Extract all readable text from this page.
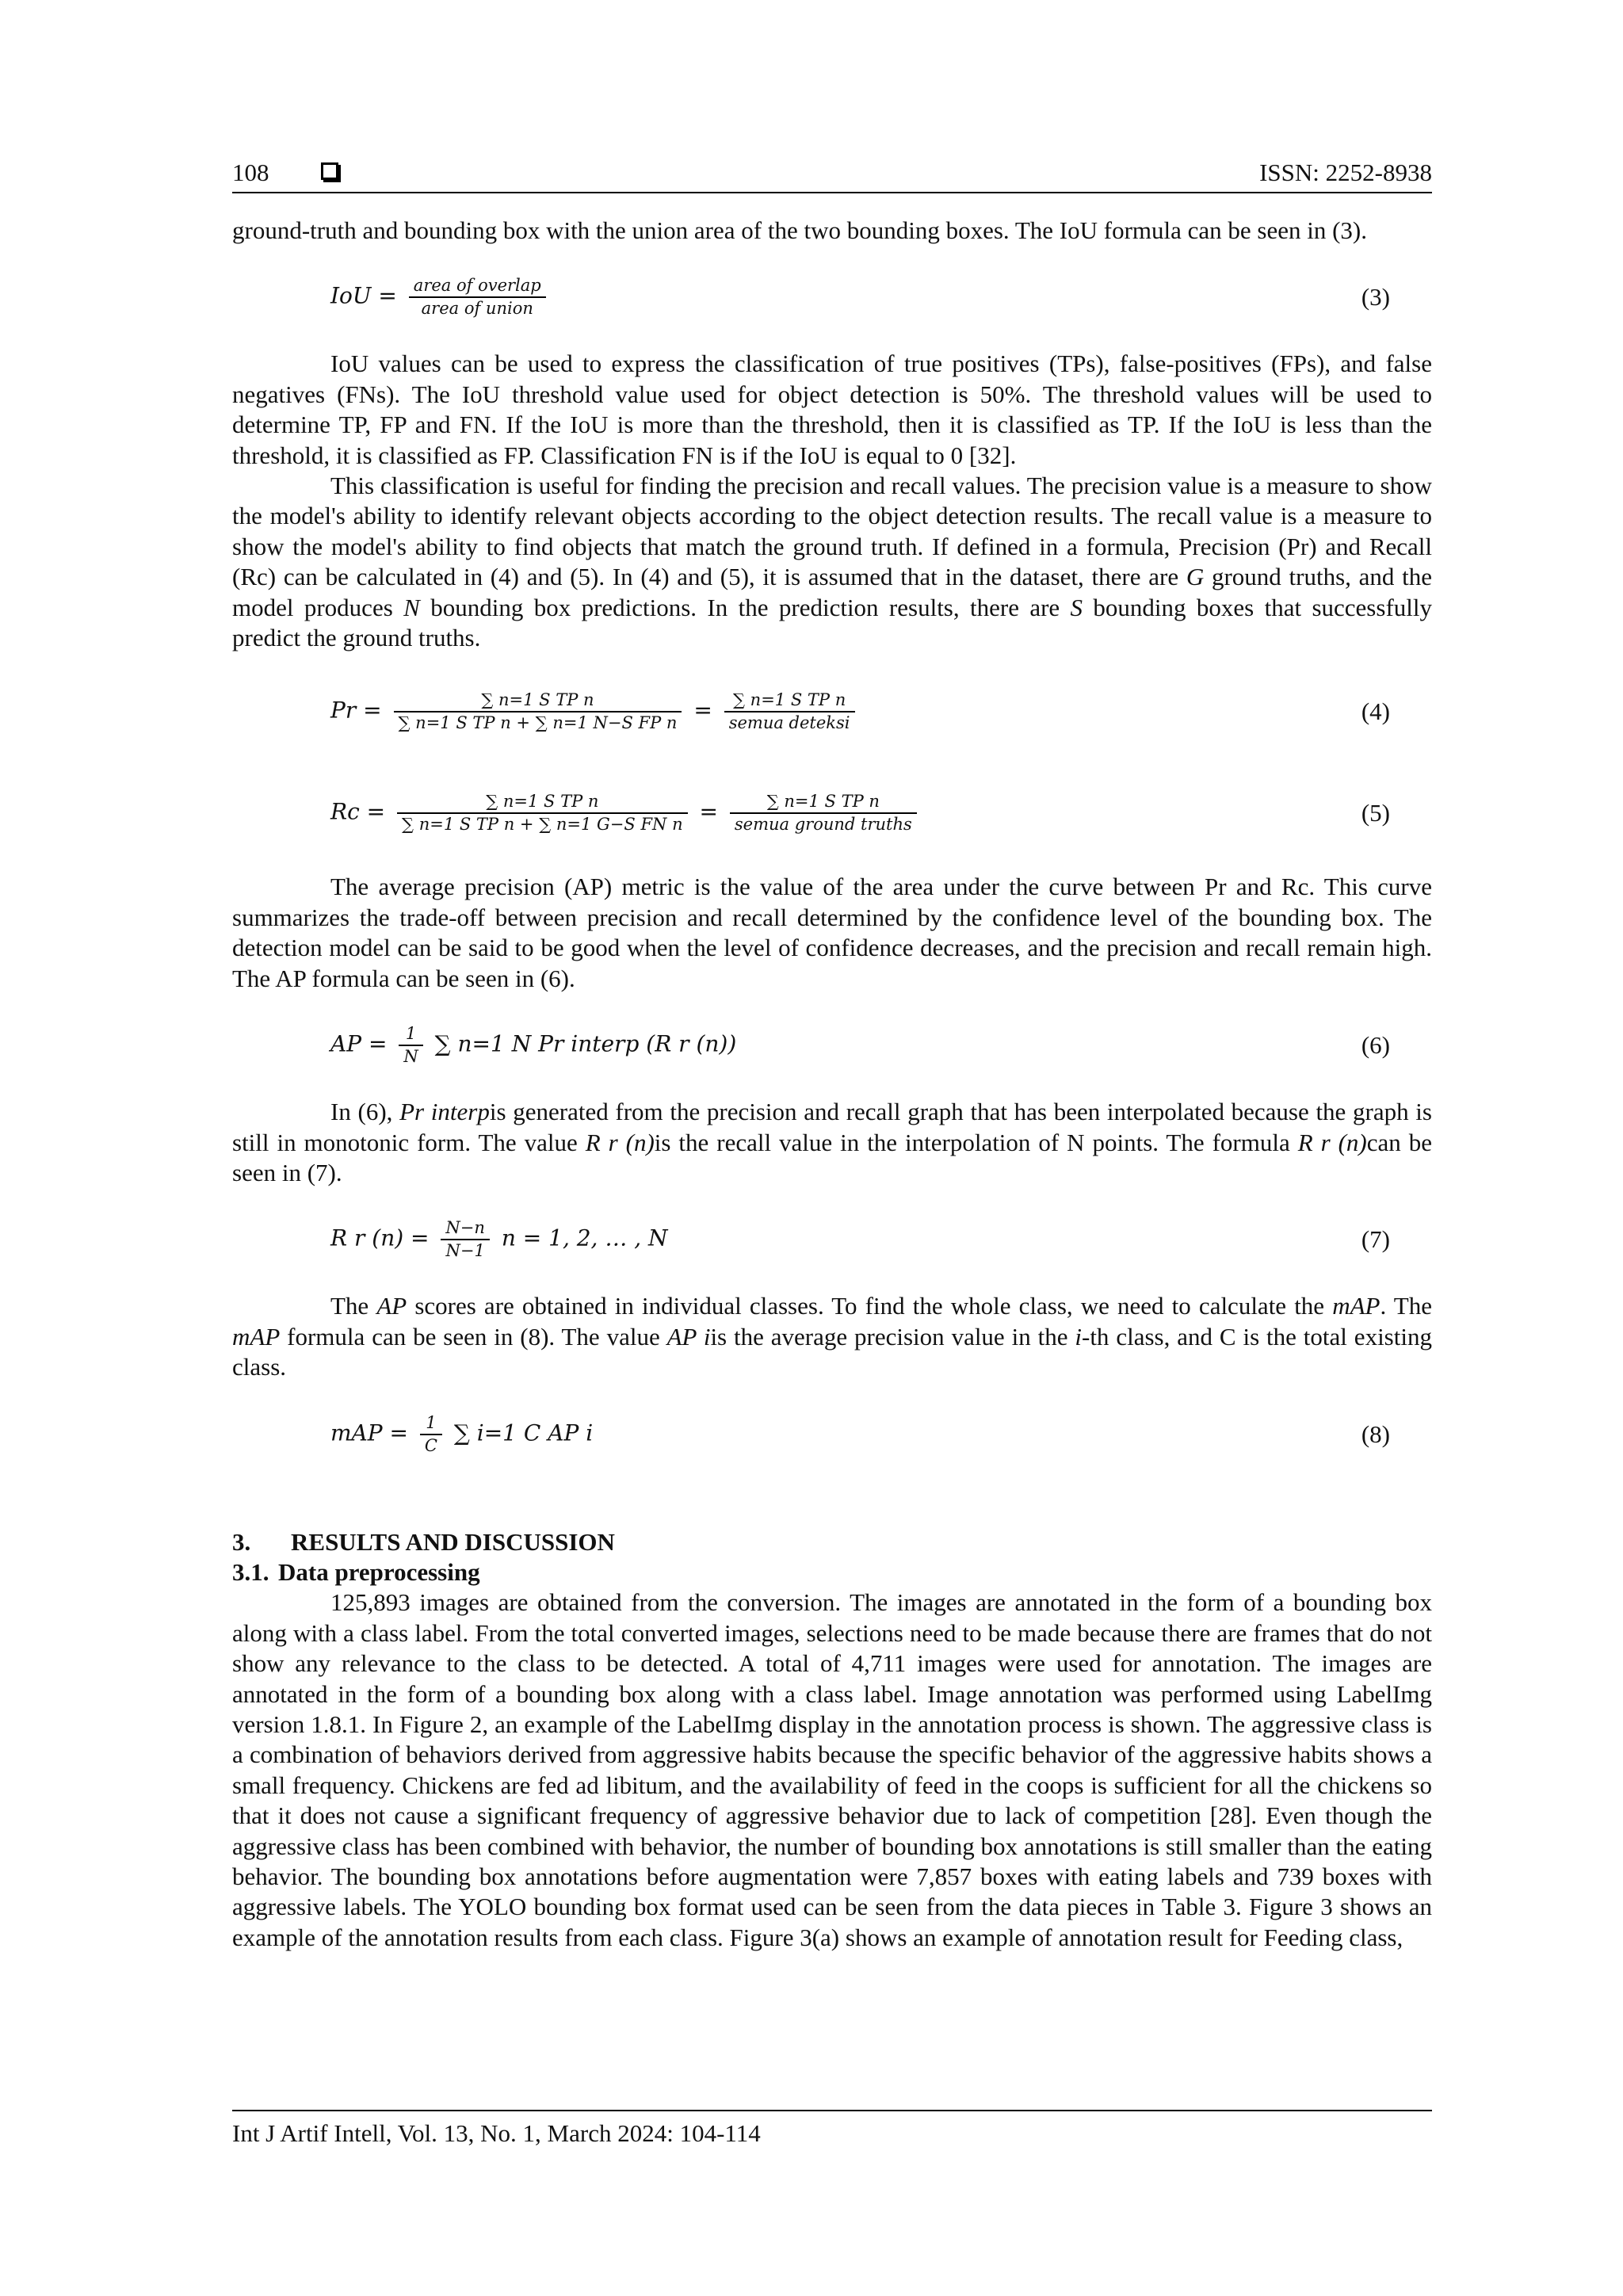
108	ISSN: 2252-8938

ground-truth and bounding box with the union area of the two bounding boxes. The IoU formula can be seen in (3).

IoU = $\frac{\text{area of overlap}}{\text{area of union}}$	(3)

IoU values can be used to express the classification of true positives (TPs), false-positives (FPs), and false negatives (FNs). The IoU threshold value used for object detection is 50%. The threshold values will be used to determine TP, FP and FN. If the IoU is more than the threshold, then it is classified as TP. If the IoU is less than the threshold, it is classified as FP. Classification FN is if the IoU is equal to 0 [32].

This classification is useful for finding the precision and recall values. The precision value is a measure to show the model's ability to identify relevant objects according to the object detection results. The recall value is a measure to show the model's ability to find objects that match the ground truth. If defined in a formula, Precision (Pr) and Recall (Rc) can be calculated in (4) and (5). In (4) and (5), it is assumed that in the dataset, there are G ground truths, and the model produces N bounding box predictions. In the prediction results, there are S bounding boxes that successfully predict the ground truths.

$Pr = \frac{\text{∑ n=1 S TP n}}{\text{∑ n=1 S TP n + ∑ n=1 N−S FP n}} = \frac{\text{∑ n=1 S TP n}}{\text{semua deteksi}}$	(4)
$Rc = \frac{\text{∑ n=1 S TP n}}{\text{∑ n=1 S TP n + ∑ n=1 G−S FN n}} = \frac{\text{∑ n=1 S TP n}}{\text{semua ground truths}}$	(5)

The average precision (AP) metric is the value of the area under the curve between Pr and Rc. This curve summarizes the trade-off between precision and recall determined by the confidence level of the bounding box. The detection model can be said to be good when the level of confidence decreases, and the precision and recall remain high. The AP formula can be seen in (6).

AP = $\frac{1}{N}$ ∑ n=1 N Pr interp (R r (n))	(6)

In (6), Pr interpis generated from the precision and recall graph that has been interpolated because the graph is still in monotonic form. The value R r (n)is the recall value in the interpolation of N points. The formula R r (n)can be seen in (7).

R r $(n) = \frac{N-n}{N-1}$ n = 1, 2, … , N	(7)

The AP scores are obtained in individual classes. To find the whole class, we need to calculate the mAP. The mAP formula can be seen in (8). The value AP iis the average precision value in the i-th class, and C is the total existing class.

mAP = $\frac{1}{C}$ ∑ i=1 C AP i	(8)

3. RESULTS AND DISCUSSION

3.1. Data preprocessing

125,893 images are obtained from the conversion. The images are annotated in the form of a bounding box along with a class label. From the total converted images, selections need to be made because there are frames that do not show any relevance to the class to be detected. A total of 4,711 images were used for annotation. The images are annotated in the form of a bounding box along with a class label. Image annotation was performed using LabelImg version 1.8.1. In Figure 2, an example of the LabelImg display in the annotation process is shown. The aggressive class is a combination of behaviors derived from aggressive habits because the specific behavior of the aggressive habits shows a small frequency. Chickens are fed ad libitum, and the availability of feed in the coops is sufficient for all the chickens so that it does not cause a significant frequency of aggressive behavior due to lack of competition [28]. Even though the aggressive class has been combined with behavior, the number of bounding box annotations is still smaller than the eating behavior. The bounding box annotations before augmentation were 7,857 boxes with eating labels and 739 boxes with aggressive labels. The YOLO bounding box format used can be seen from the data pieces in Table 3. Figure 3 shows an example of the annotation results from each class. Figure 3(a) shows an example of annotation result for Feeding class,

Int J Artif Intell, Vol. 13, No. 1, March 2024: 104-114
